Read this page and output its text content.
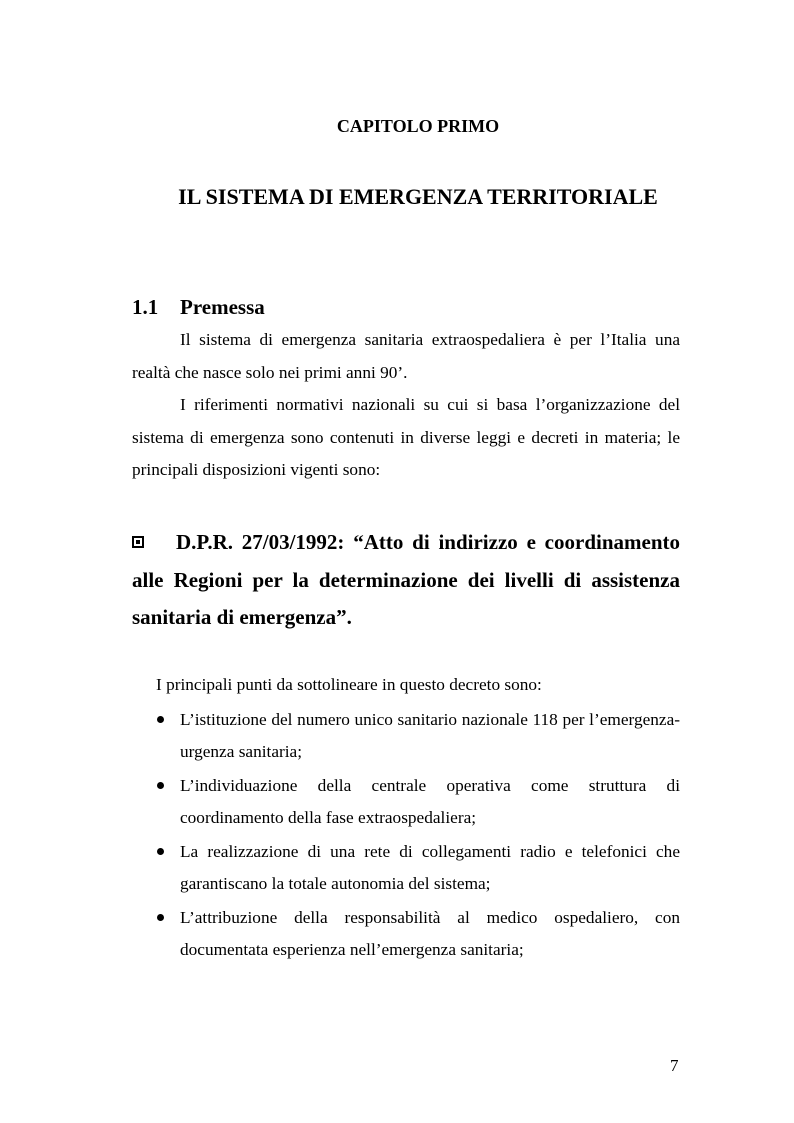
CAPITOLO PRIMO
IL SISTEMA DI EMERGENZA TERRITORIALE
1.1 Premessa

Il sistema di emergenza sanitaria extraospedaliera è per l’Italia una realtà che nasce solo nei primi anni 90’.

I riferimenti normativi nazionali su cui si basa l’organizzazione del sistema di emergenza sono contenuti in diverse leggi e decreti in materia; le principali disposizioni vigenti sono:

D.P.R. 27/03/1992: “Atto di indirizzo e coordinamento alle Regioni per la determinazione dei livelli di assistenza sanitaria di emergenza”.
I principali punti da sottolineare in questo decreto sono:
L’istituzione del numero unico sanitario nazionale 118 per l’emergenza-urgenza sanitaria;
L’individuazione della centrale operativa come struttura di coordinamento della fase extraospedaliera;
La realizzazione di una rete di collegamenti radio e telefonici che garantiscano la totale autonomia del sistema;
L’attribuzione della responsabilità al medico ospedaliero, con documentata esperienza nell’emergenza sanitaria;
7
